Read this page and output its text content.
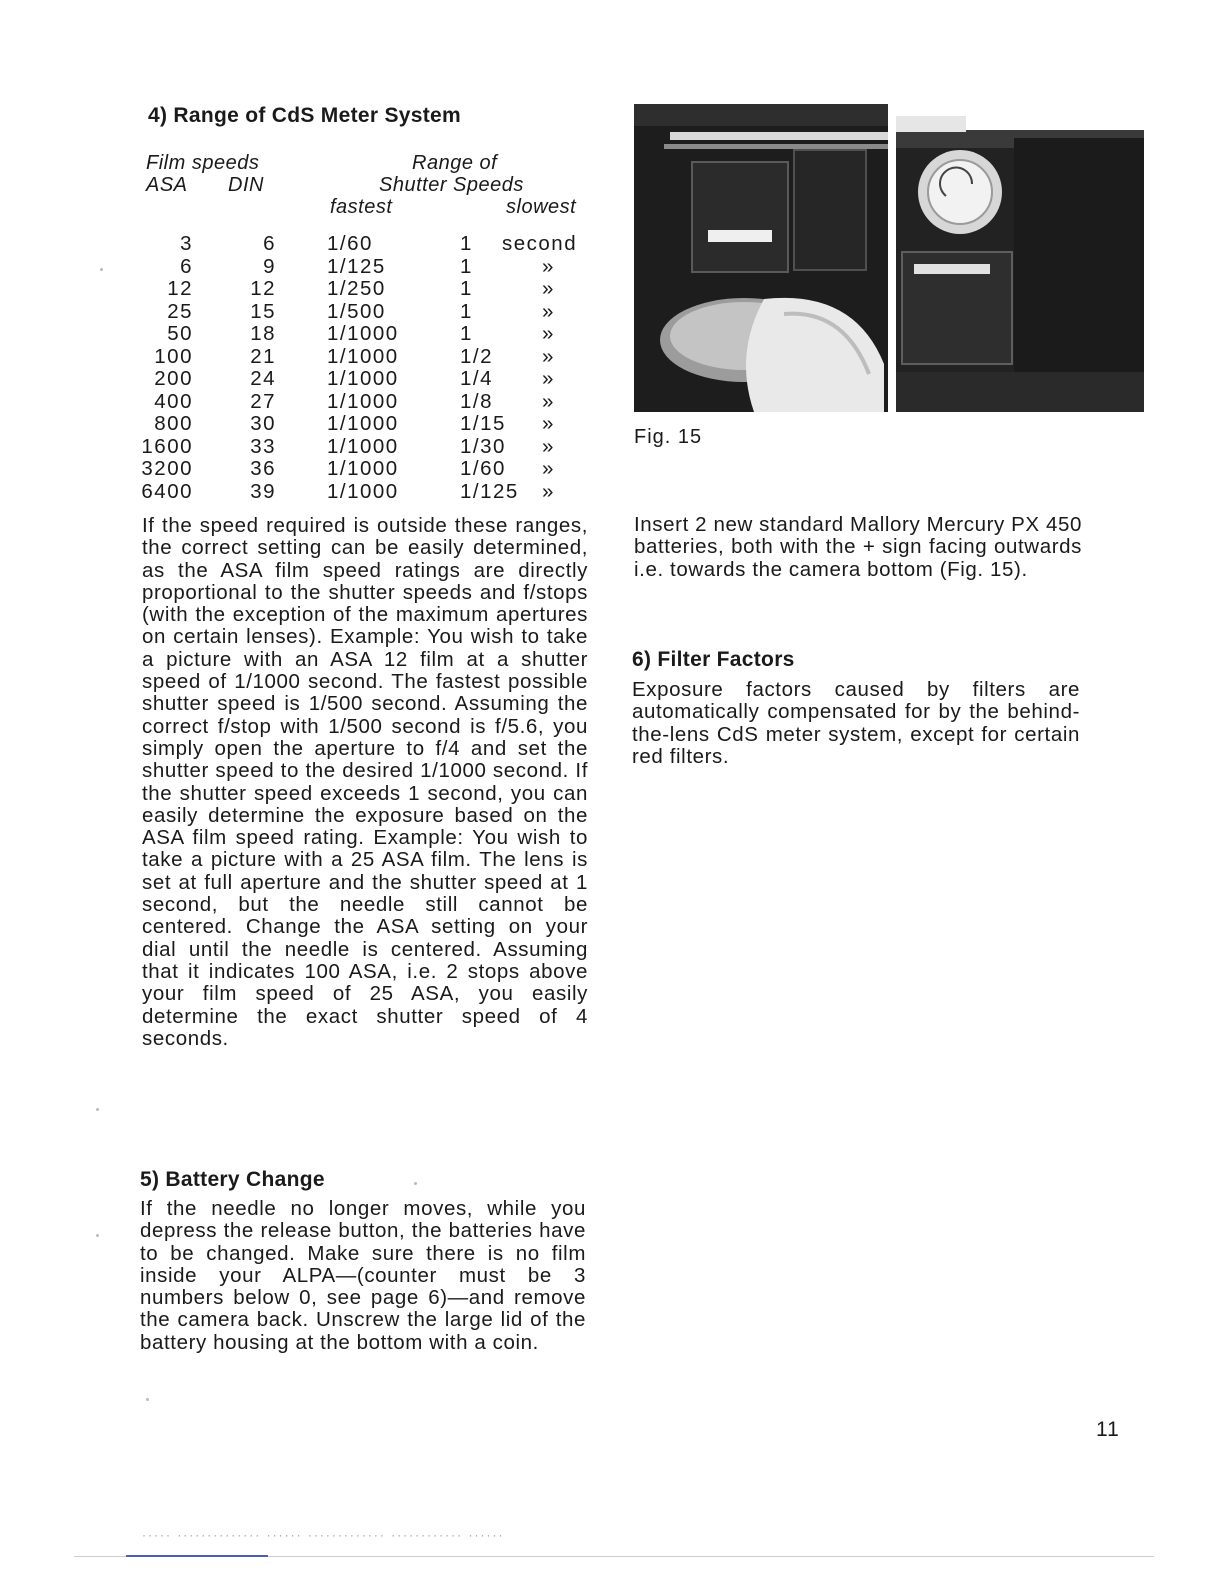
4) Range of CdS Meter System
Film speeds
ASA DIN
Range of
Shutter Speeds
fastest	slowest
3	6 1/60	1 second
6	9 1/125	1	»
12	12 1/250	1	»
25	15 1/500	1	»
50	18 1/1000	1	»
100	21 1/1000	1/2 »
200	24 1/1000	1/4 »
400	27 1/1000	1/8 »
800	30 1/1000	1/15 »
1600	33 1/1000	1/30 »
3200	36 1/1000	1/60 »
6400	39 1/1000	1/125 »

If the speed required is outside these ranges, the correct setting can be easily determined, as the ASA film speed ratings are directly proportional to the shutter speeds and f/stops (with the exception of the maximum apertures on certain lenses). Example: You wish to take a picture with an ASA 12 film at a shutter speed of 1/1000 second. The fastest possible shutter speed is 1/500 second. Assuming the correct f/stop with 1/500 second is f/5.6, you simply open the aperture to f/4 and set the shutter speed to the desired 1/1000 second. If the shutter speed exceeds 1 second, you can easily determine the exposure based on the ASA film speed rating. Example: You wish to take a picture with a 25 ASA film. The lens is set at full aperture and the shutter speed at 1 second, but the needle still cannot be centered. Change the ASA setting on your dial until the needle is centered. Assuming that it indicates 100 ASA, i.e. 2 stops above your film speed of 25 ASA, you easily determine the exact shutter speed of 4 seconds.

5) Battery Change

If the needle no longer moves, while you depress the release button, the batteries have to be changed. Make sure there is no film inside your ALPA—(counter must be 3 numbers below 0, see page 6)—and remove the camera back. Unscrew the large lid of the battery housing at the bottom with a coin.

Fig. 15

Insert 2 new standard Mallory Mercury PX 450 batteries, both with the + sign facing outwards i.e. towards the camera bottom (Fig. 15).

6) Filter Factors

Exposure factors caused by filters are automatically compensated for by the behind-the-lens CdS meter system, except for certain red filters.

11
····· ·············· ······ ············· ············ ······
